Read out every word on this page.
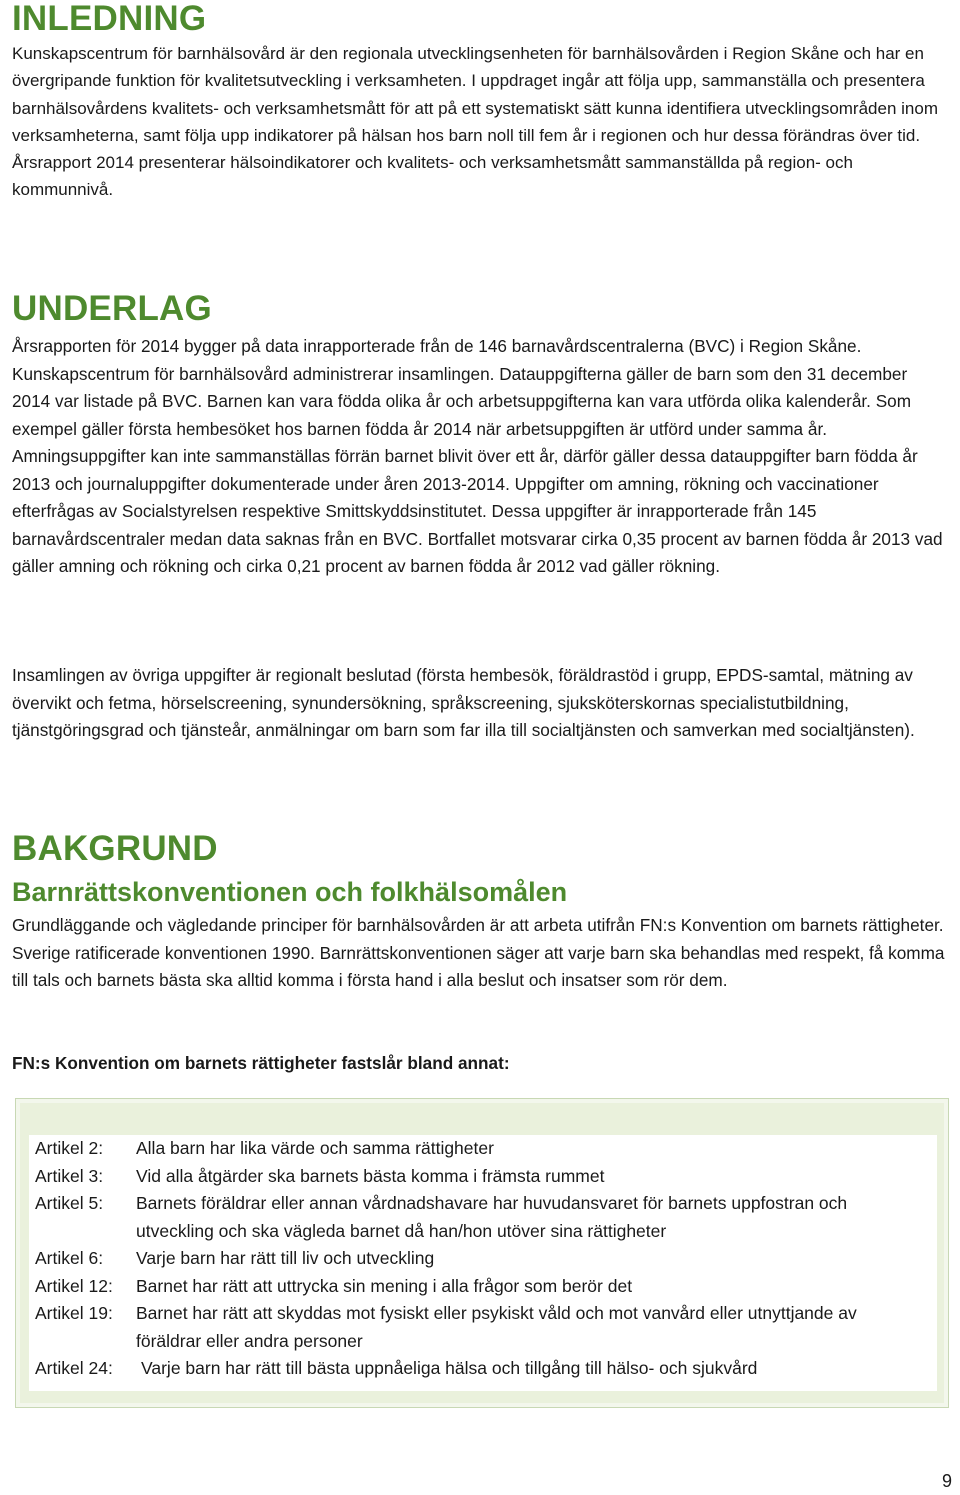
INLEDNING

Kunskapscentrum för barnhälsovård är den regionala utvecklingsenheten för barnhälsovården i Region Skåne och har en övergripande funktion för kvalitetsutveckling i verksamheten. I uppdraget ingår att följa upp, sammanställa och presentera barnhälsovårdens kvalitets- och verksamhetsmått för att på ett systematiskt sätt kunna identifiera utvecklingsområden inom verksamheterna, samt följa upp indikatorer på hälsan hos barn noll till fem år i regionen och hur dessa förändras över tid. Årsrapport 2014 presenterar hälsoindikatorer och kvalitets- och verksamhetsmått sammanställda på region- och kommunnivå.

UNDERLAG

Årsrapporten för 2014 bygger på data inrapporterade från de 146 barnavårdscentralerna (BVC) i Region Skåne. Kunskapscentrum för barnhälsovård administrerar insamlingen. Datauppgifterna gäller de barn som den 31 december 2014 var listade på BVC. Barnen kan vara födda olika år och arbetsuppgifterna kan vara utförda olika kalenderår. Som exempel gäller första hembesöket hos barnen födda år 2014 när arbetsuppgiften är utförd under samma år. Amningsuppgifter kan inte sammanställas förrän barnet blivit över ett år, därför gäller dessa datauppgifter barn födda år 2013 och journaluppgifter dokumenterade under åren 2013-2014. Uppgifter om amning, rökning och vaccinationer efterfrågas av Socialstyrelsen respektive Smittskyddsinstitutet. Dessa uppgifter är inrapporterade från 145 barnavårdscentraler medan data saknas från en BVC. Bortfallet motsvarar cirka 0,35 procent av barnen födda år 2013 vad gäller amning och rökning och cirka 0,21 procent av barnen födda år 2012 vad gäller rökning.

Insamlingen av övriga uppgifter är regionalt beslutad (första hembesök, föräldrastöd i grupp, EPDS-samtal, mätning av övervikt och fetma, hörselscreening, synundersökning, språkscreening, sjuksköterskornas specialistutbildning, tjänstgöringsgrad och tjänsteår, anmälningar om barn som far illa till socialtjänsten och samverkan med socialtjänsten).

BAKGRUND
Barnrättskonventionen och folkhälsomålen

Grundläggande och vägledande principer för barnhälsovården är att arbeta utifrån FN:s Konvention om barnets rättigheter. Sverige ratificerade konventionen 1990. Barnrättskonventionen säger att varje barn ska behandlas med respekt, få komma till tals och barnets bästa ska alltid komma i första hand i alla beslut och insatser som rör dem.

FN:s Konvention om barnets rättigheter fastslår bland annat:

Artikel 2:	Alla barn har lika värde och samma rättigheter
Artikel 3:	Vid alla åtgärder ska barnets bästa komma i främsta rummet
Artikel 5:	Barnets föräldrar eller annan vårdnadshavare har huvudansvaret för barnets uppfostran och utveckling och ska vägleda barnet då han/hon utöver sina rättigheter
Artikel 6:	Varje barn har rätt till liv och utveckling
Artikel 12:	Barnet har rätt att uttrycka sin mening i alla frågor som berör det
Artikel 19:	Barnet har rätt att skyddas mot fysiskt eller psykiskt våld och mot vanvård eller utnyttjande av föräldrar eller andra personer
Artikel 24:	Varje barn har rätt till bästa uppnåeliga hälsa och tillgång till hälso- och sjukvård
9
